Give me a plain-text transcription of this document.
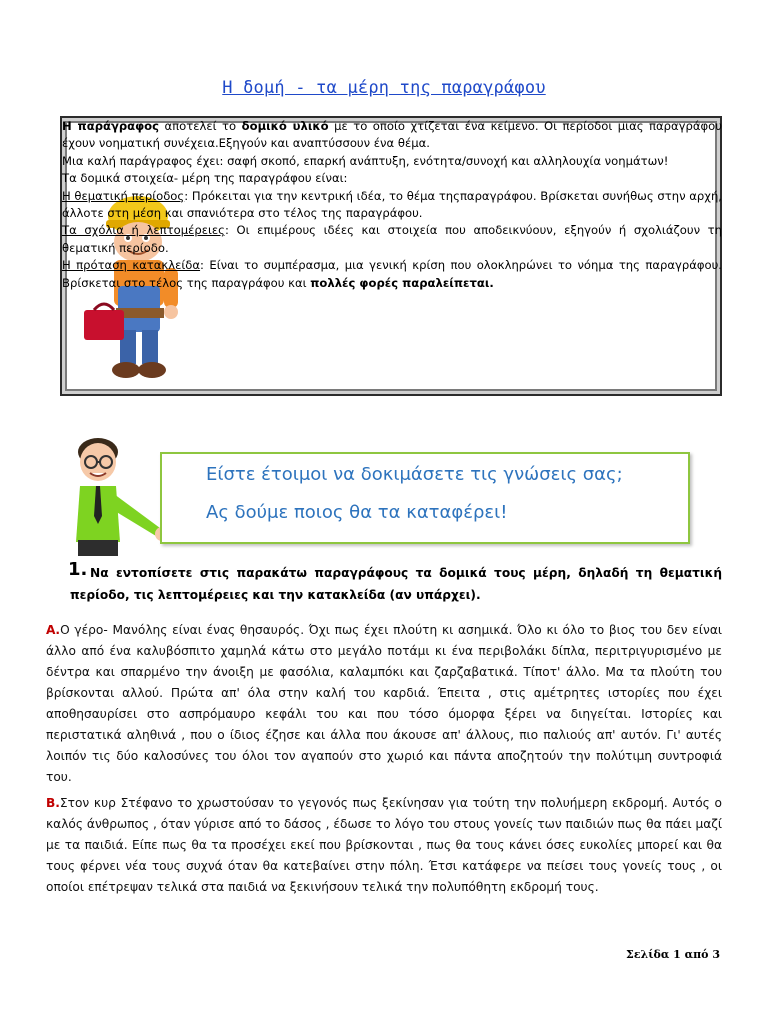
Η δομή - τα μέρη της παραγράφου

Η παράγραφος αποτελεί το δομικό υλικό με το οποίο χτίζεται ένα κείμενο. Οι περίοδοι μιας παραγράφου έχουν νοηματική συνέχεια.Εξηγούν και αναπτύσσουν ένα θέμα.

Μια καλή παράγραφος έχει: σαφή σκοπό, επαρκή ανάπτυξη, ενότητα/συνοχή και αλληλουχία νοημάτων!

Τα δομικά στοιχεία- μέρη της παραγράφου είναι:

Η θεματική περίοδος: Πρόκειται για την κεντρική ιδέα, το θέμα τηςπαραγράφου. Βρίσκεται συνήθως στην αρχή, άλλοτε στη μέση και σπανιότερα στο τέλος της παραγράφου.

Τα σχόλια ή λεπτομέρειες: Οι επιμέρους ιδέες και στοιχεία που αποδεικνύουν, εξηγούν ή σχολιάζουν τη θεματική περίοδο.

Η πρόταση κατακλείδα: Είναι το συμπέρασμα, μια γενική κρίση που ολοκληρώνει το νόημα της παραγράφου. Βρίσκεται στο τέλος της παραγράφου και πολλές φορές παραλείπεται.

Είστε έτοιμοι να δοκιμάσετε τις γνώσεις σας;
Ας δούμε ποιος θα τα καταφέρει!
1. Να εντοπίσετε στις παρακάτω παραγράφους τα δομικά τους μέρη, δηλαδή τη θεματική περίοδο, τις λεπτομέρειες και την κατακλείδα (αν υπάρχει).
Α.Ο γέρο- Μανόλης είναι ένας θησαυρός. Όχι πως έχει πλούτη κι ασημικά. Όλο κι όλο το βιος του δεν είναι άλλο από ένα καλυβόσπιτο χαμηλά κάτω στο μεγάλο ποτάμι κι ένα περιβολάκι δίπλα, περιτριγυρισμένο με δέντρα και σπαρμένο την άνοιξη με φασόλια, καλαμπόκι και ζαρζαβατικά. Τίποτ' άλλο. Μα τα πλούτη του βρίσκονται αλλού. Πρώτα απ' όλα στην καλή του καρδιά. Έπειτα , στις αμέτρητες ιστορίες που έχει αποθησαυρίσει στο ασπρόμαυρο κεφάλι του και που τόσο όμορφα ξέρει να διηγείται. Ιστορίες και περιστατικά αληθινά , που ο ίδιος έζησε και άλλα που άκουσε απ' άλλους, πιο παλιούς απ' αυτόν. Γι' αυτές λοιπόν τις δύο καλοσύνες του όλοι τον αγαπούν στο χωριό και πάντα αποζητούν την πολύτιμη συντροφιά του.
Β.Στον κυρ Στέφανο το χρωστούσαν το γεγονός πως ξεκίνησαν για τούτη την πολυήμερη εκδρομή. Αυτός ο καλός άνθρωπος , όταν γύρισε από το δάσος , έδωσε το λόγο του στους γονείς των παιδιών πως θα πάει μαζί με τα παιδιά. Είπε πως θα τα προσέχει εκεί που βρίσκονται , πως θα τους κάνει όσες ευκολίες μπορεί και θα τους φέρνει νέα τους συχνά όταν θα κατεβαίνει στην πόλη. Έτσι κατάφερε να πείσει τους γονείς τους , οι οποίοι επέτρεψαν τελικά στα παιδιά να ξεκινήσουν τελικά την πολυπόθητη εκδρομή τους.
Σελίδα 1 από 3
